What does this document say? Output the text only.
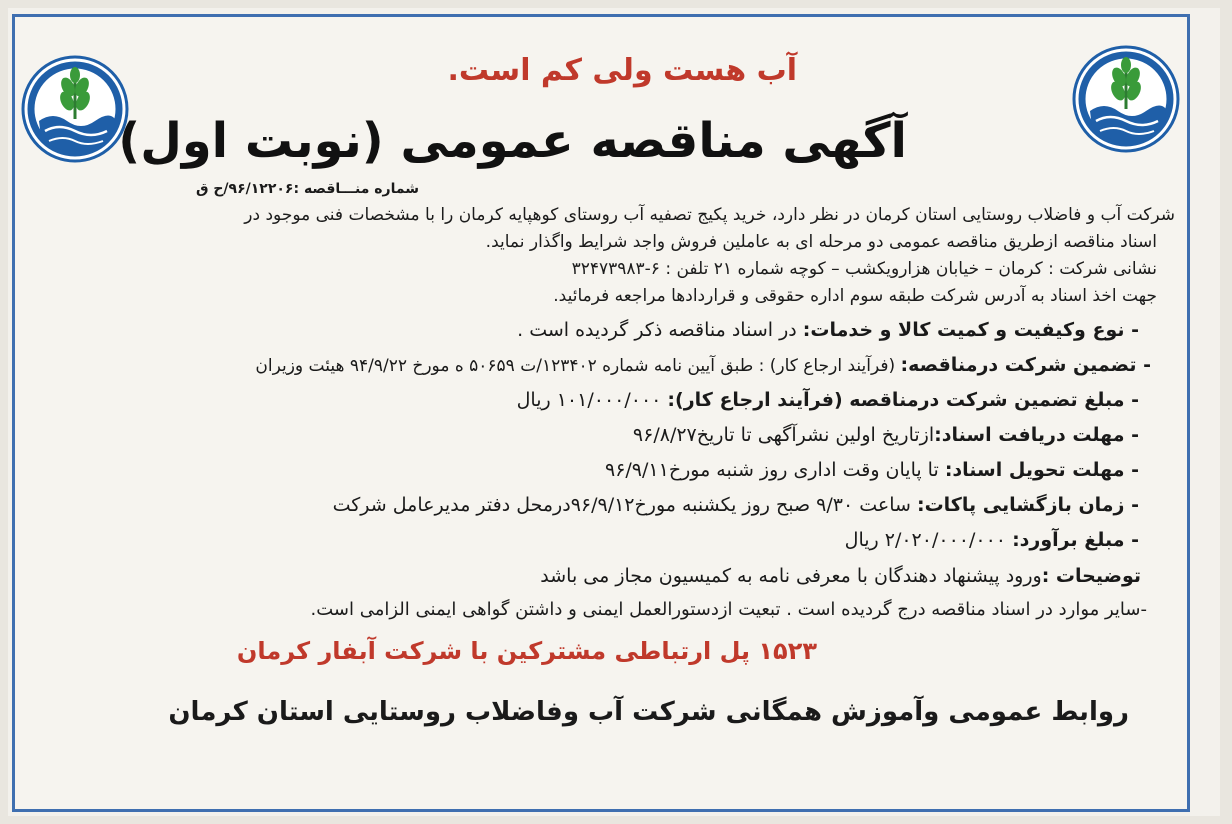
آب هست ولی کم است.
آگهی مناقصه عمومی (نوبت اول)
شماره منـــاقصه :۹۶/۱۲۲۰۶/ح ق
شرکت آب و فاضلاب روستایی استان کرمان در نظر دارد، خرید پکیج تصفیه آب روستای کوهپایه کرمان را با مشخصات فنی موجود در
اسناد مناقصه ازطریق مناقصه عمومی دو مرحله ای به عاملین فروش واجد شرایط واگذار نماید.
نشانی شرکت : کرمان – خیابان هزارویکشب – کوچه شماره ۲۱ تلفن : ۶-۳۲۴۷۳۹۸۳
جهت اخذ اسناد به آدرس شرکت طبقه سوم اداره حقوقی و قراردادها مراجعه فرمائید.
- نوع وکیفیت و کمیت کالا و خدمات: در اسناد مناقصه ذکر گردیده است .
- تضمین شرکت درمناقصه: (فرآیند ارجاع کار) : طبق آیین نامه شماره ۱۲۳۴۰۲/ت ۵۰۶۵۹ ه مورخ ۹۴/۹/۲۲ هیئت وزیران
- مبلغ تضمین شرکت درمناقصه (فرآیند ارجاع کار): ۱۰۱/۰۰۰/۰۰۰ ریال
- مهلت دریافت اسناد:ازتاریخ اولین نشرآگهی تا تاریخ۹۶/۸/۲۷
- مهلت تحویل اسناد: تا پایان وقت اداری روز شنبه مورخ۹۶/۹/۱۱
- زمان بازگشایی پاکات: ساعت ۹/۳۰ صبح روز یکشنبه مورخ۹۶/۹/۱۲درمحل دفتر مدیرعامل شرکت
- مبلغ برآورد: ۲/۰۲۰/۰۰۰/۰۰۰ ریال
توضیحات :ورود پیشنهاد دهندگان با معرفی نامه به کمیسیون مجاز می باشد
-سایر موارد در اسناد مناقصه درج گردیده است . تبعیت ازدستورالعمل ایمنی و داشتن گواهی ایمنی الزامی است.
۱۵۲۳ پل ارتباطی مشترکین با شرکت آبفار کرمان
روابط عمومی وآموزش همگانی شرکت آب وفاضلاب روستایی استان کرمان
